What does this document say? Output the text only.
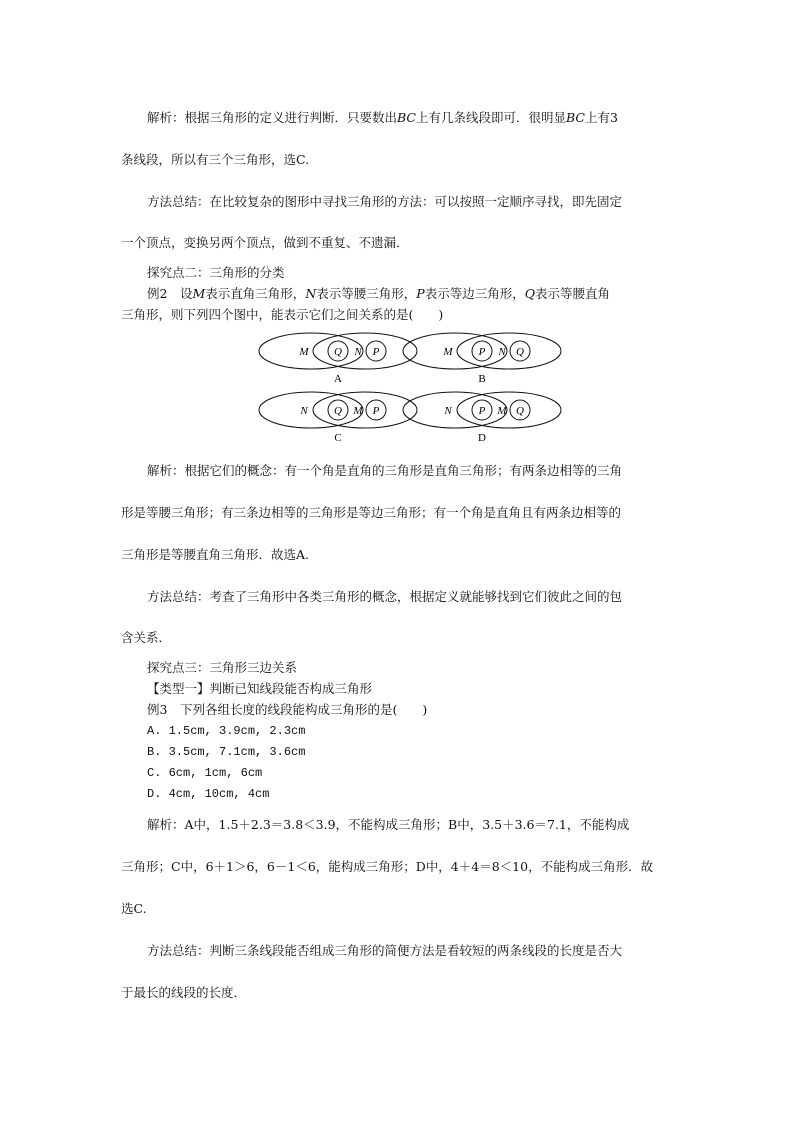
解析：根据三角形的定义进行判断．只要数出BC上有几条线段即可．很明显BC上有3
条线段，所以有三个三角形，选C.
方法总结：在比较复杂的图形中寻找三角形的方法：可以按照一定顺序寻找，即先固定
一个顶点，变换另两个顶点，做到不重复、不遗漏．
探究点二：三角形的分类
例2　 设M表示直角三角形，N表示等腰三角形，P表示等边三角形，Q表示等腰直角
三角形，则下列四个图中，能表示它们之间关系的是(　　)
M Q N P
A
M P N Q
B
N Q M P
C
N P M Q
D
解析：根据它们的概念：有一个角是直角的三角形是直角三角形；有两条边相等的三角
形是等腰三角形；有三条边相等的三角形是等边三角形；有一个角是直角且有两条边相等的
三角形是等腰直角三角形．故选A.
方法总结：考查了三角形中各类三角形的概念，根据定义就能够找到它们彼此之间的包
含关系．
探究点三：三角形三边关系
【类型一】判断已知线段能否构成三角形
例3　下列各组长度的线段能构成三角形的是(　　)
A. 1.5cm, 3.9cm, 2.3cm
B. 3.5cm, 7.1cm, 3.6cm
C. 6cm, 1cm, 6cm
D. 4cm, 10cm, 4cm
解析：A中，1.5＋2.3＝3.8＜3.9，不能构成三角形；B中，3.5＋3.6＝7.1，不能构成
三角形；C中，6＋1＞6，6－1＜6，能构成三角形；D中，4＋4＝8＜10，不能构成三角形．故
选C.
方法总结：判断三条线段能否组成三角形的简便方法是看较短的两条线段的长度是否大
于最长的线段的长度．
